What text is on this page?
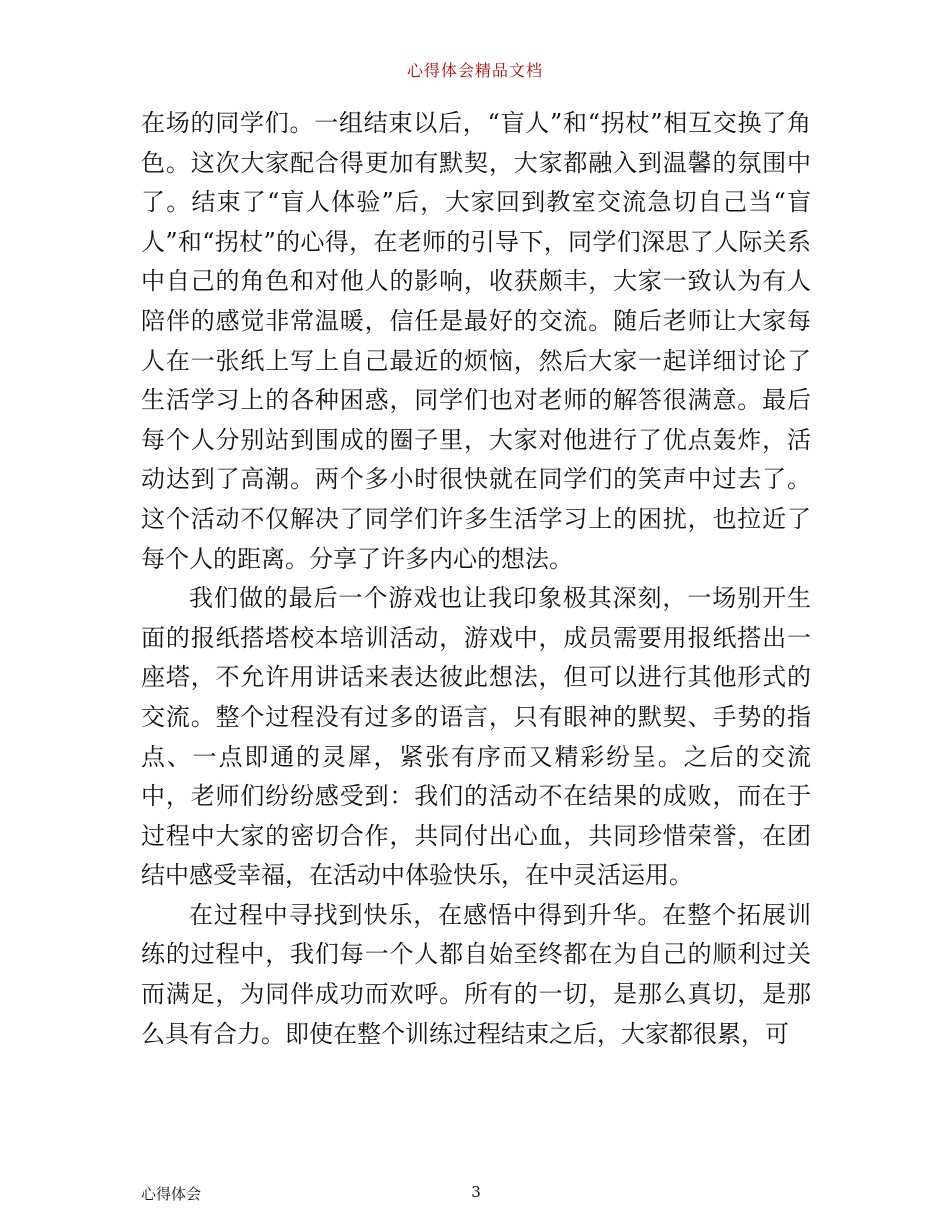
心得体会精品文档

在场的同学们。一组结束以后，“盲人”和“拐杖”相互交换了角色。这次大家配合得更加有默契，大家都融入到温馨的氛围中了。结束了“盲人体验”后，大家回到教室交流急切自己当“盲人”和“拐杖”的心得，在老师的引导下，同学们深思了人际关系中自己的角色和对他人的影响，收获颇丰，大家一致认为有人陪伴的感觉非常温暖，信任是最好的交流。随后老师让大家每人在一张纸上写上自己最近的烦恼，然后大家一起详细讨论了生活学习上的各种困惑，同学们也对老师的解答很满意。最后每个人分别站到围成的圈子里，大家对他进行了优点轰炸，活动达到了高潮。两个多小时很快就在同学们的笑声中过去了。这个活动不仅解决了同学们许多生活学习上的困扰，也拉近了每个人的距离。分享了许多内心的想法。

我们做的最后一个游戏也让我印象极其深刻，一场别开生面的报纸搭塔校本培训活动，游戏中，成员需要用报纸搭出一座塔，不允许用讲话来表达彼此想法，但可以进行其他形式的交流。整个过程没有过多的语言，只有眼神的默契、手势的指点、一点即通的灵犀，紧张有序而又精彩纷呈。之后的交流中，老师们纷纷感受到：我们的活动不在结果的成败，而在于过程中大家的密切合作，共同付出心血，共同珍惜荣誉，在团结中感受幸福，在活动中体验快乐，在中灵活运用。

在过程中寻找到快乐，在感悟中得到升华。在整个拓展训练的过程中，我们每一个人都自始至终都在为自己的顺利过关而满足，为同伴成功而欢呼。所有的一切，是那么真切，是那么具有合力。即使在整个训练过程结束之后，大家都很累，可

心得体会	3
